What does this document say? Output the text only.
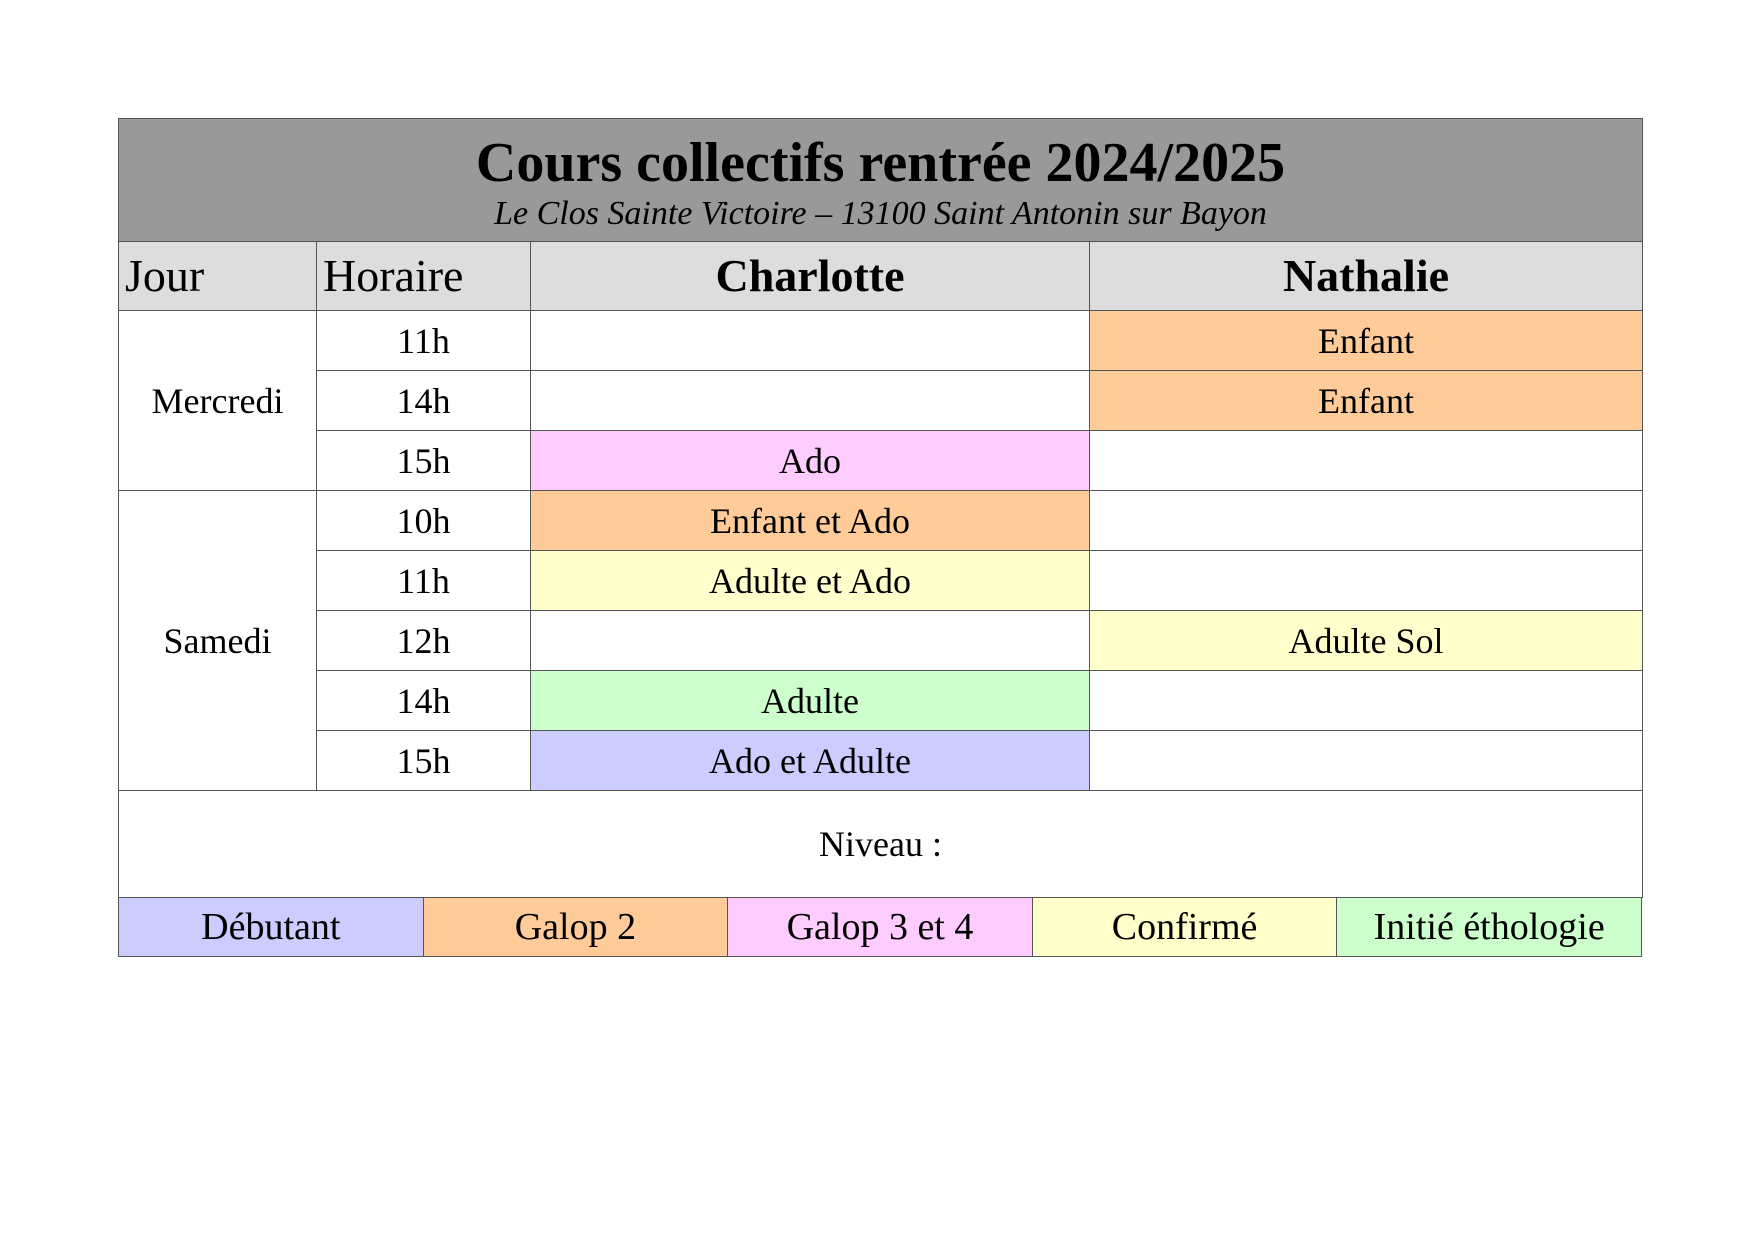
Cours collectifs rentrée 2024/2025
Le Clos Sainte Victoire – 13100 Saint Antonin sur Bayon			

Jour	Horaire	Charlotte	Nathalie
Mercredi	11h		Enfant
	14h		Enfant
	15h	Ado	
Samedi	10h	Enfant et Ado	
	11h	Adulte et Ado	
	12h		Adulte Sol
	14h	Adulte	
	15h	Ado et Adulte	
Niveau :			
Débutant	Galop 2	Galop 3 et 4	Confirmé	Initié éthologie
